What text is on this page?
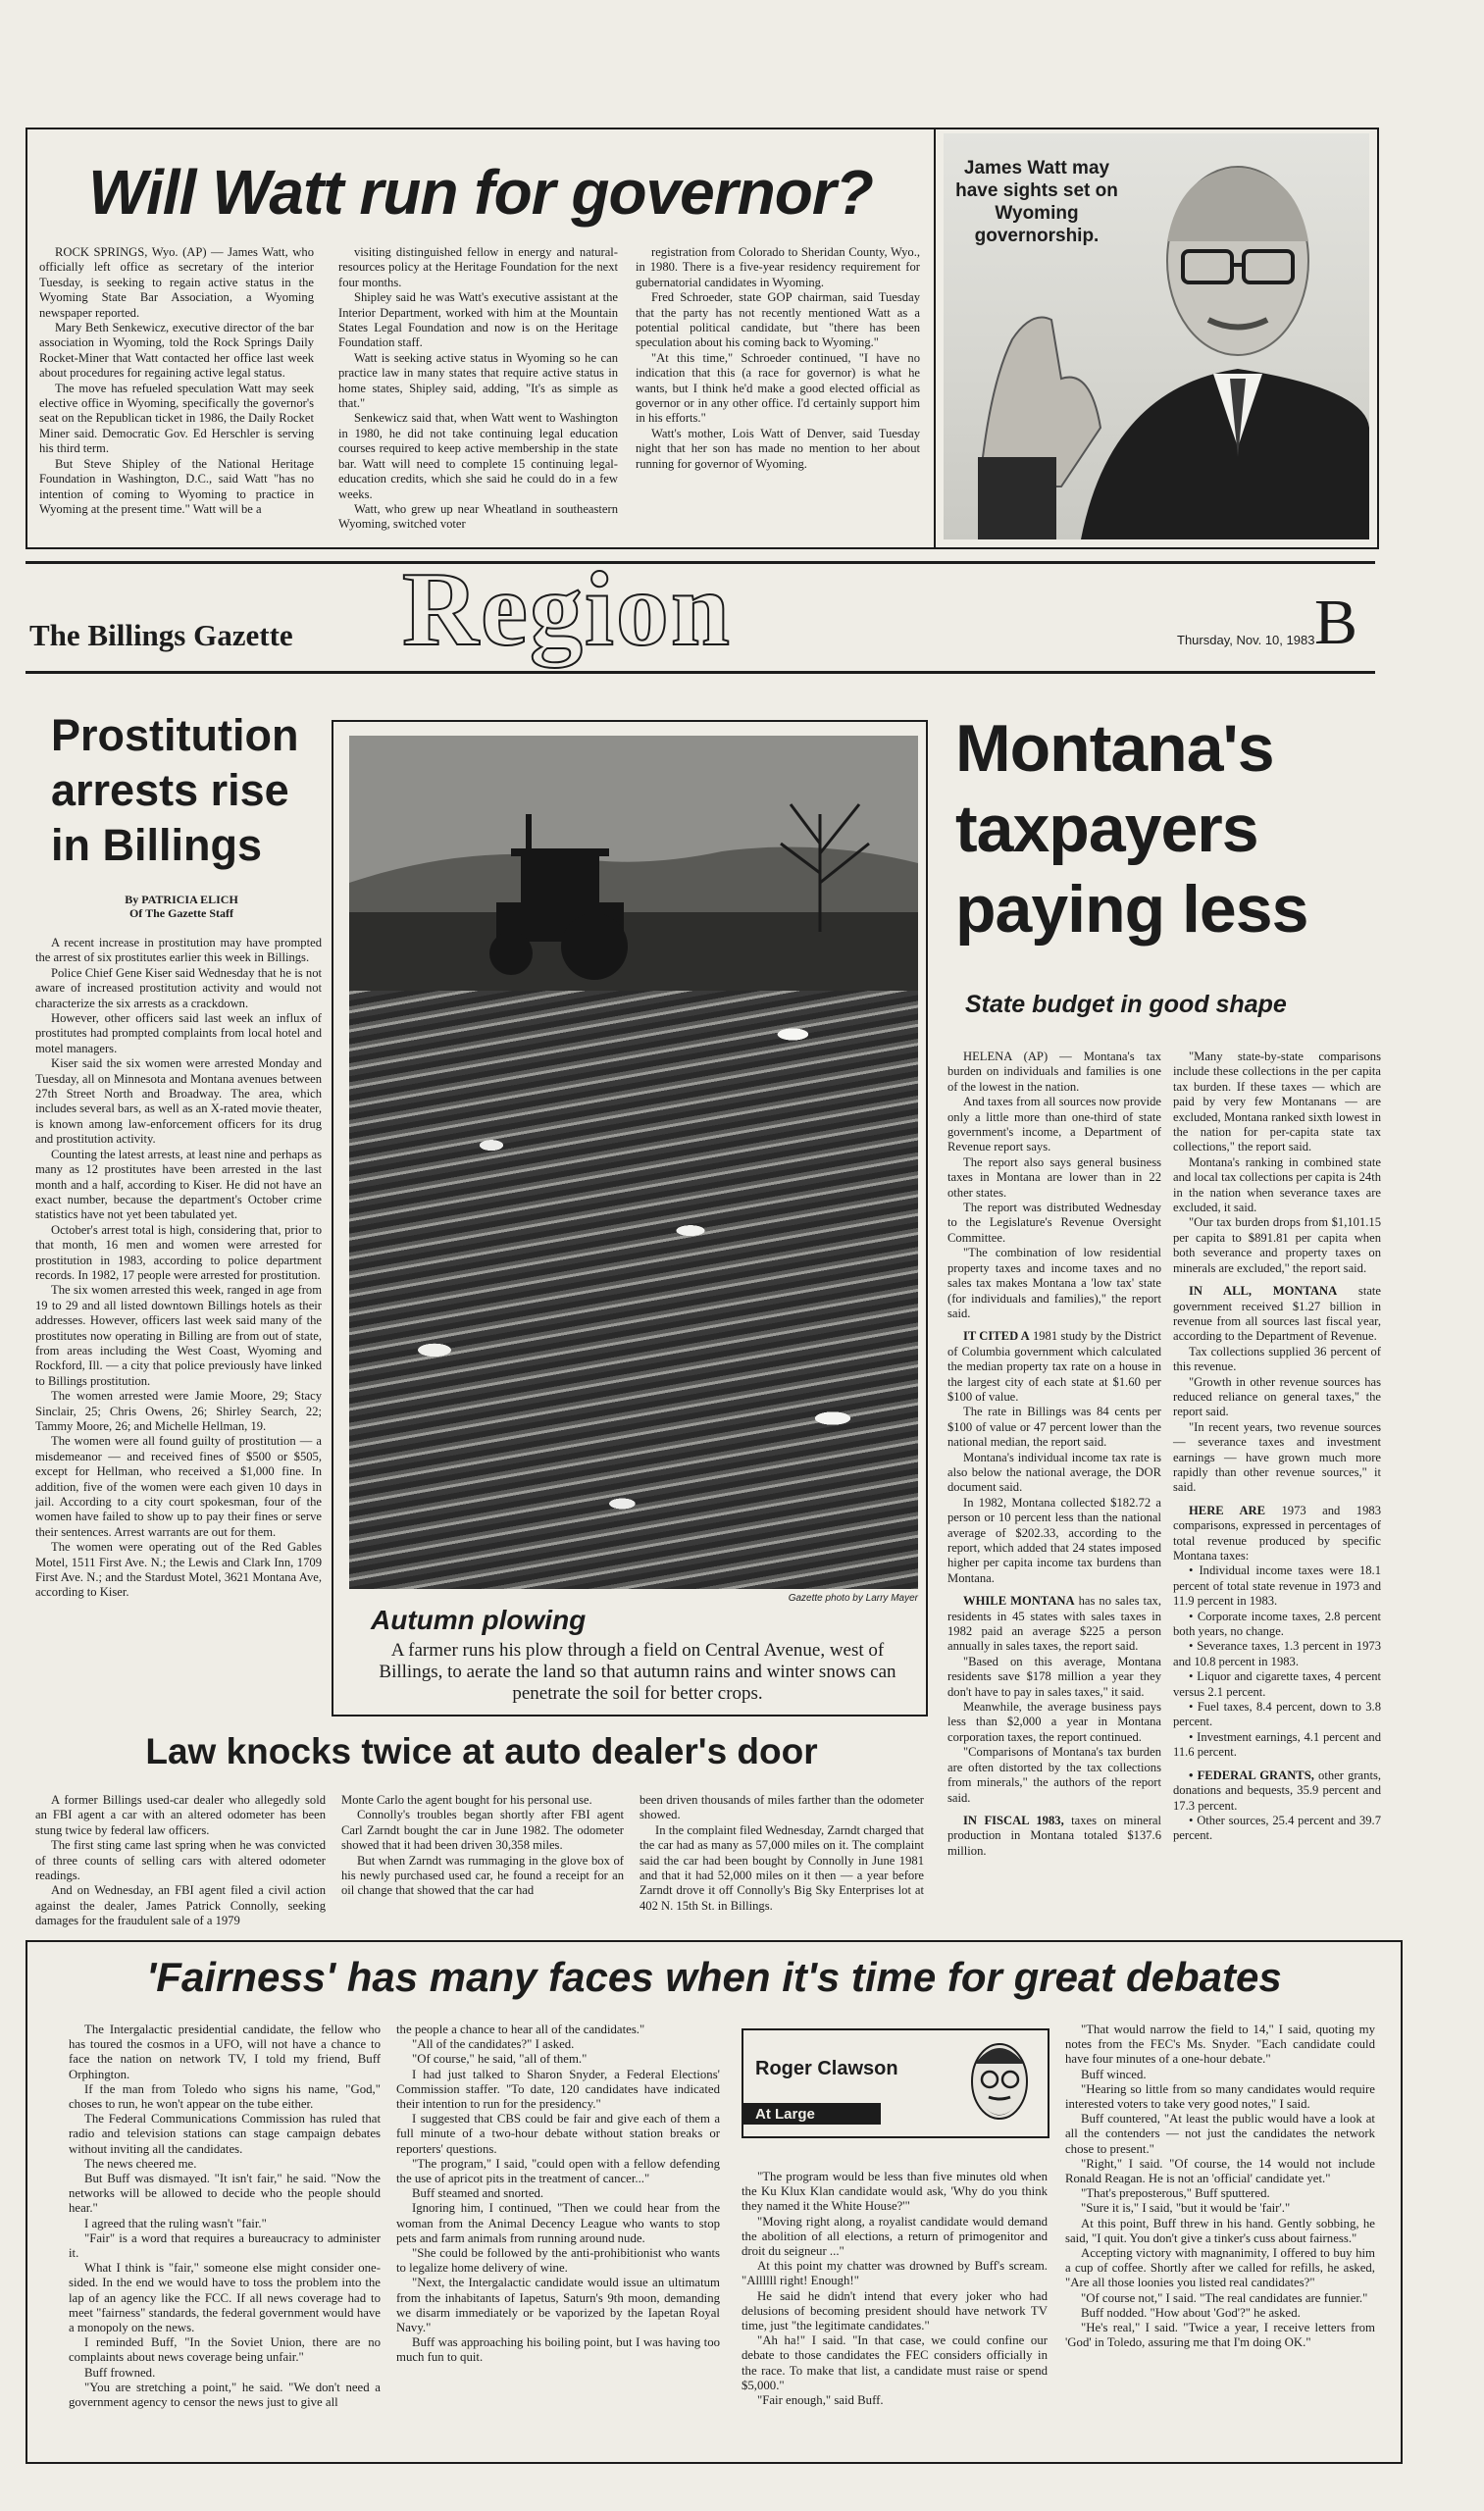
Will Watt run for governor?

ROCK SPRINGS, Wyo. (AP) — James Watt, who officially left office as secretary of the interior Tuesday, is seeking to regain active status in the Wyoming State Bar Association, a Wyoming newspaper reported.

Mary Beth Senkewicz, executive director of the bar association in Wyoming, told the Rock Springs Daily Rocket-Miner that Watt contacted her office last week about procedures for regaining active legal status.

The move has refueled speculation Watt may seek elective office in Wyoming, specifically the governor's seat on the Republican ticket in 1986, the Daily Rocket Miner said. Democratic Gov. Ed Herschler is serving his third term.

But Steve Shipley of the National Heritage Foundation in Washington, D.C., said Watt "has no intention of coming to Wyoming to practice in Wyoming at the present time." Watt will be a

visiting distinguished fellow in energy and natural-resources policy at the Heritage Foundation for the next four months.

Shipley said he was Watt's executive assistant at the Interior Department, worked with him at the Mountain States Legal Foundation and now is on the Heritage Foundation staff.

Watt is seeking active status in Wyoming so he can practice law in many states that require active status in home states, Shipley said, adding, "It's as simple as that."

Senkewicz said that, when Watt went to Washington in 1980, he did not take continuing legal education courses required to keep active membership in the state bar. Watt will need to complete 15 continuing legal-education credits, which she said he could do in a few weeks.

Watt, who grew up near Wheatland in southeastern Wyoming, switched voter

registration from Colorado to Sheridan County, Wyo., in 1980. There is a five-year residency requirement for gubernatorial candidates in Wyoming.

Fred Schroeder, state GOP chairman, said Tuesday that the party has not recently mentioned Watt as a potential political candidate, but "there has been speculation about his coming back to Wyoming."

"At this time," Schroeder continued, "I have no indication that this (a race for governor) is what he wants, but I think he'd make a good elected official as governor or in any other office. I'd certainly support him in his efforts."

Watt's mother, Lois Watt of Denver, said Tuesday night that her son has made no mention to her about running for governor of Wyoming.

James Watt may have sights set on Wyoming governorship.
The Billings Gazette Region	Thursday, Nov. 10, 1983 B
Prostitution arrests rise in Billings
By PATRICIA ELICH
Of The Gazette Staff

A recent increase in prostitution may have prompted the arrest of six prostitutes earlier this week in Billings.

Police Chief Gene Kiser said Wednesday that he is not aware of increased prostitution activity and would not characterize the six arrests as a crackdown.

However, other officers said last week an influx of prostitutes had prompted complaints from local hotel and motel managers.

Kiser said the six women were arrested Monday and Tuesday, all on Minnesota and Montana avenues between 27th Street North and Broadway. The area, which includes several bars, as well as an X-rated movie theater, is known among law-enforcement officers for its drug and prostitution activity.

Counting the latest arrests, at least nine and perhaps as many as 12 prostitutes have been arrested in the last month and a half, according to Kiser. He did not have an exact number, because the department's October crime statistics have not yet been tabulated yet.

October's arrest total is high, considering that, prior to that month, 16 men and women were arrested for prostitution in 1983, according to police department records. In 1982, 17 people were arrested for prostitution.

The six women arrested this week, ranged in age from 19 to 29 and all listed downtown Billings hotels as their addresses. However, officers last week said many of the prostitutes now operating in Billing are from out of state, from areas including the West Coast, Wyoming and Rockford, Ill. — a city that police previously have linked to Billings prostitution.

The women arrested were Jamie Moore, 29; Stacy Sinclair, 25; Chris Owens, 26; Shirley Search, 22; Tammy Moore, 26; and Michelle Hellman, 19.

The women were all found guilty of prostitution — a misdemeanor — and received fines of $500 or $505, except for Hellman, who received a $1,000 fine. In addition, five of the women were each given 10 days in jail. According to a city court spokesman, four of the women have failed to show up to pay their fines or serve their sentences. Arrest warrants are out for them.

The women were operating out of the Red Gables Motel, 1511 First Ave. N.; the Lewis and Clark Inn, 1709 First Ave. N.; and the Stardust Motel, 3621 Montana Ave, according to Kiser.	Gazette photo by Larry Mayer
Autumn plowing
A farmer runs his plow through a field on Central Avenue, west of Billings, to aerate the land so that autumn rains and winter snows can penetrate the soil for better crops.
Montana's taxpayers paying less
State budget in good shape

HELENA (AP) — Montana's tax burden on individuals and families is one of the lowest in the nation.

And taxes from all sources now provide only a little more than one-third of state government's income, a Department of Revenue report says.

The report also says general business taxes in Montana are lower than in 22 other states.

The report was distributed Wednesday to the Legislature's Revenue Oversight Committee.

"The combination of low residential property taxes and income taxes and no sales tax makes Montana a 'low tax' state (for individuals and families)," the report said.

IT CITED A 1981 study by the District of Columbia government which calculated the median property tax rate on a house in the largest city of each state at $1.60 per $100 of value.

The rate in Billings was 84 cents per $100 of value or 47 percent lower than the national median, the report said.

Montana's individual income tax rate is also below the national average, the DOR document said.

In 1982, Montana collected $182.72 a person or 10 percent less than the national average of $202.33, according to the report, which added that 24 states imposed higher per capita income tax burdens than Montana.

WHILE MONTANA has no sales tax, residents in 45 states with sales taxes in 1982 paid an average $225 a person annually in sales taxes, the report said.

"Based on this average, Montana residents save $178 million a year they don't have to pay in sales taxes," it said.

Meanwhile, the average business pays less than $2,000 a year in Montana corporation taxes, the report continued.

"Comparisons of Montana's tax burden are often distorted by the tax collections from minerals," the authors of the report said.

IN FISCAL 1983, taxes on mineral production in Montana totaled $137.6 million.

"Many state-by-state comparisons include these collections in the per capita tax burden. If these taxes — which are paid by very few Montanans — are excluded, Montana ranked sixth lowest in the nation for per-capita state tax collections," the report said.

Montana's ranking in combined state and local tax collections per capita is 24th in the nation when severance taxes are excluded, it said.

"Our tax burden drops from $1,101.15 per capita to $891.81 per capita when both severance and property taxes on minerals are excluded," the report said.

IN ALL, MONTANA state government received $1.27 billion in revenue from all sources last fiscal year, according to the Department of Revenue.

Tax collections supplied 36 percent of this revenue.

"Growth in other revenue sources has reduced reliance on general taxes," the report said.

"In recent years, two revenue sources — severance taxes and investment earnings — have grown much more rapidly than other revenue sources," it said.

HERE ARE 1973 and 1983 comparisons, expressed in percentages of total revenue produced by specific Montana taxes:

• Individual income taxes were 18.1 percent of total state revenue in 1973 and 11.9 percent in 1983.

• Corporate income taxes, 2.8 percent both years, no change.

• Severance taxes, 1.3 percent in 1973 and 10.8 percent in 1983.

• Liquor and cigarette taxes, 4 percent versus 2.1 percent.

• Fuel taxes, 8.4 percent, down to 3.8 percent.

• Investment earnings, 4.1 percent and 11.6 percent.

• FEDERAL GRANTS, other grants, donations and bequests, 35.9 percent and 17.3 percent.

• Other sources, 25.4 percent and 39.7 percent.

Law knocks twice at auto dealer's door

A former Billings used-car dealer who allegedly sold an FBI agent a car with an altered odometer has been stung twice by federal law officers.

The first sting came last spring when he was convicted of three counts of selling cars with altered odometer readings.

And on Wednesday, an FBI agent filed a civil action against the dealer, James Patrick Connolly, seeking damages for the fraudulent sale of a 1979

Monte Carlo the agent bought for his personal use.

Connolly's troubles began shortly after FBI agent Carl Zarndt bought the car in June 1982. The odometer showed that it had been driven 30,358 miles.

But when Zarndt was rummaging in the glove box of his newly purchased used car, he found a receipt for an oil change that showed that the car had

been driven thousands of miles farther than the odometer showed.

In the complaint filed Wednesday, Zarndt charged that the car had as many as 57,000 miles on it. The complaint said the car had been bought by Connolly in June 1981 and that it had 52,000 miles on it then — a year before Zarndt drove it off Connolly's Big Sky Enterprises lot at 402 N. 15th St. in Billings.

'Fairness' has many faces when it's time for great debates

The Intergalactic presidential candidate, the fellow who has toured the cosmos in a UFO, will not have a chance to face the nation on network TV, I told my friend, Buff Orphington.

If the man from Toledo who signs his name, "God," choses to run, he won't appear on the tube either.

The Federal Communications Commission has ruled that radio and television stations can stage campaign debates without inviting all the candidates.

The news cheered me.

But Buff was dismayed. "It isn't fair," he said. "Now the networks will be allowed to decide who the people should hear."

I agreed that the ruling wasn't "fair."

"Fair" is a word that requires a bureaucracy to administer it.

What I think is "fair," someone else might consider one-sided. In the end we would have to toss the problem into the lap of an agency like the FCC. If all news coverage had to meet "fairness" standards, the federal government would have a monopoly on the news.

I reminded Buff, "In the Soviet Union, there are no complaints about news coverage being unfair."

Buff frowned.

"You are stretching a point," he said. "We don't need a government agency to censor the news just to give all

the people a chance to hear all of the candidates."

"All of the candidates?" I asked.

"Of course," he said, "all of them."

I had just talked to Sharon Snyder, a Federal Elections' Commission staffer. "To date, 120 candidates have indicated their intention to run for the presidency."

I suggested that CBS could be fair and give each of them a full minute of a two-hour debate without station breaks or reporters' questions.

"The program," I said, "could open with a fellow defending the use of apricot pits in the treatment of cancer..."

Buff steamed and snorted.

Ignoring him, I continued, "Then we could hear from the woman from the Animal Decency League who wants to stop pets and farm animals from running around nude.

"She could be followed by the anti-prohibitionist who wants to legalize home delivery of wine.

"Next, the Intergalactic candidate would issue an ultimatum from the inhabitants of Iapetus, Saturn's 9th moon, demanding we disarm immediately or be vaporized by the Iapetan Royal Navy."

Buff was approaching his boiling point, but I was having too much fun to quit.

Roger Clawson
At Large

"The program would be less than five minutes old when the Ku Klux Klan candidate would ask, 'Why do you think they named it the White House?'"

"Moving right along, a royalist candidate would demand the abolition of all elections, a return of primogenitor and droit du seigneur ..."

At this point my chatter was drowned by Buff's scream. "Allllll right! Enough!"

He said he didn't intend that every joker who had delusions of becoming president should have network TV time, just "the legitimate candidates."

"Ah ha!" I said. "In that case, we could confine our debate to those candidates the FEC considers officially in the race. To make that list, a candidate must raise or spend $5,000."

"Fair enough," said Buff.

"That would narrow the field to 14," I said, quoting my notes from the FEC's Ms. Snyder. "Each candidate could have four minutes of a one-hour debate."

Buff winced.

"Hearing so little from so many candidates would require interested voters to take very good notes," I said.

Buff countered, "At least the public would have a look at all the contenders — not just the candidates the network chose to present."

"Right," I said. "Of course, the 14 would not include Ronald Reagan. He is not an 'official' candidate yet."

"That's preposterous," Buff sputtered.

"Sure it is," I said, "but it would be 'fair'."

At this point, Buff threw in his hand. Gently sobbing, he said, "I quit. You don't give a tinker's cuss about fairness."

Accepting victory with magnanimity, I offered to buy him a cup of coffee. Shortly after we called for refills, he asked, "Are all those loonies you listed real candidates?"

"Of course not," I said. "The real candidates are funnier."

Buff nodded. "How about 'God'?" he asked.

"He's real," I said. "Twice a year, I receive letters from 'God' in Toledo, assuring me that I'm doing OK."
